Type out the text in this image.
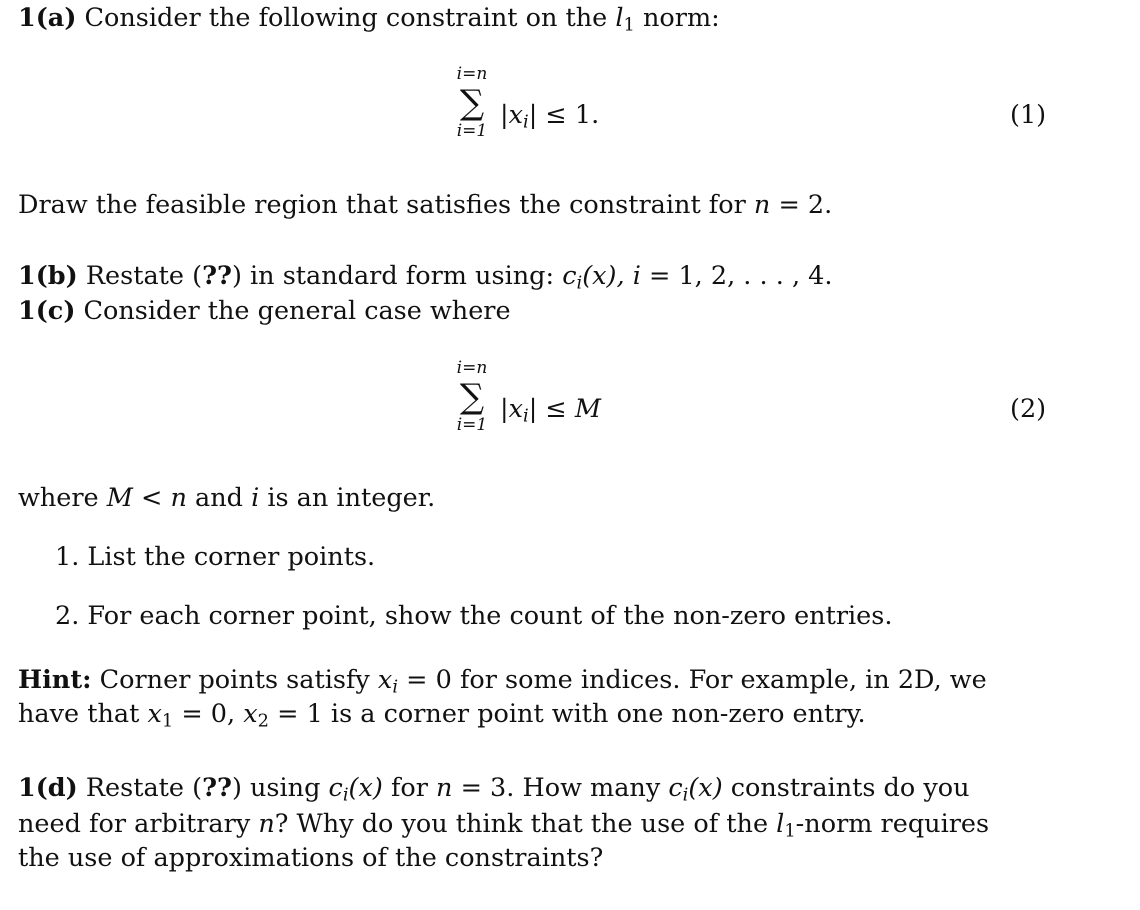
1(a) Consider the following constraint on the $l_1$ norm:
i=n
∑
i=1
$|x_i| \le 1$.	(1)
Draw the feasible region that satisfies the constraint for n = 2.
1(b) Restate (??) in standard form using: $c_i(x)$, i = 1, 2, . . . , 4.
1(c) Consider the general case where
i=n
∑
i=1
$|x_i| \le M$	(2)
where M < n and i is an integer.
1. List the corner points.
2. For each corner point, show the count of the non-zero entries.
Hint: Corner points satisfy $x_i = 0$ for some indices. For example, in 2D, we
have that $x_1 = 0$, $x_2 = 1$ is a corner point with one non-zero entry.
1(d) Restate (??) using $c_i(x)$ for n = 3. How many $c_i(x)$ constraints do you
need for arbitrary n? Why do you think that the use of the $l_1$-norm requires
the use of approximations of the constraints?
